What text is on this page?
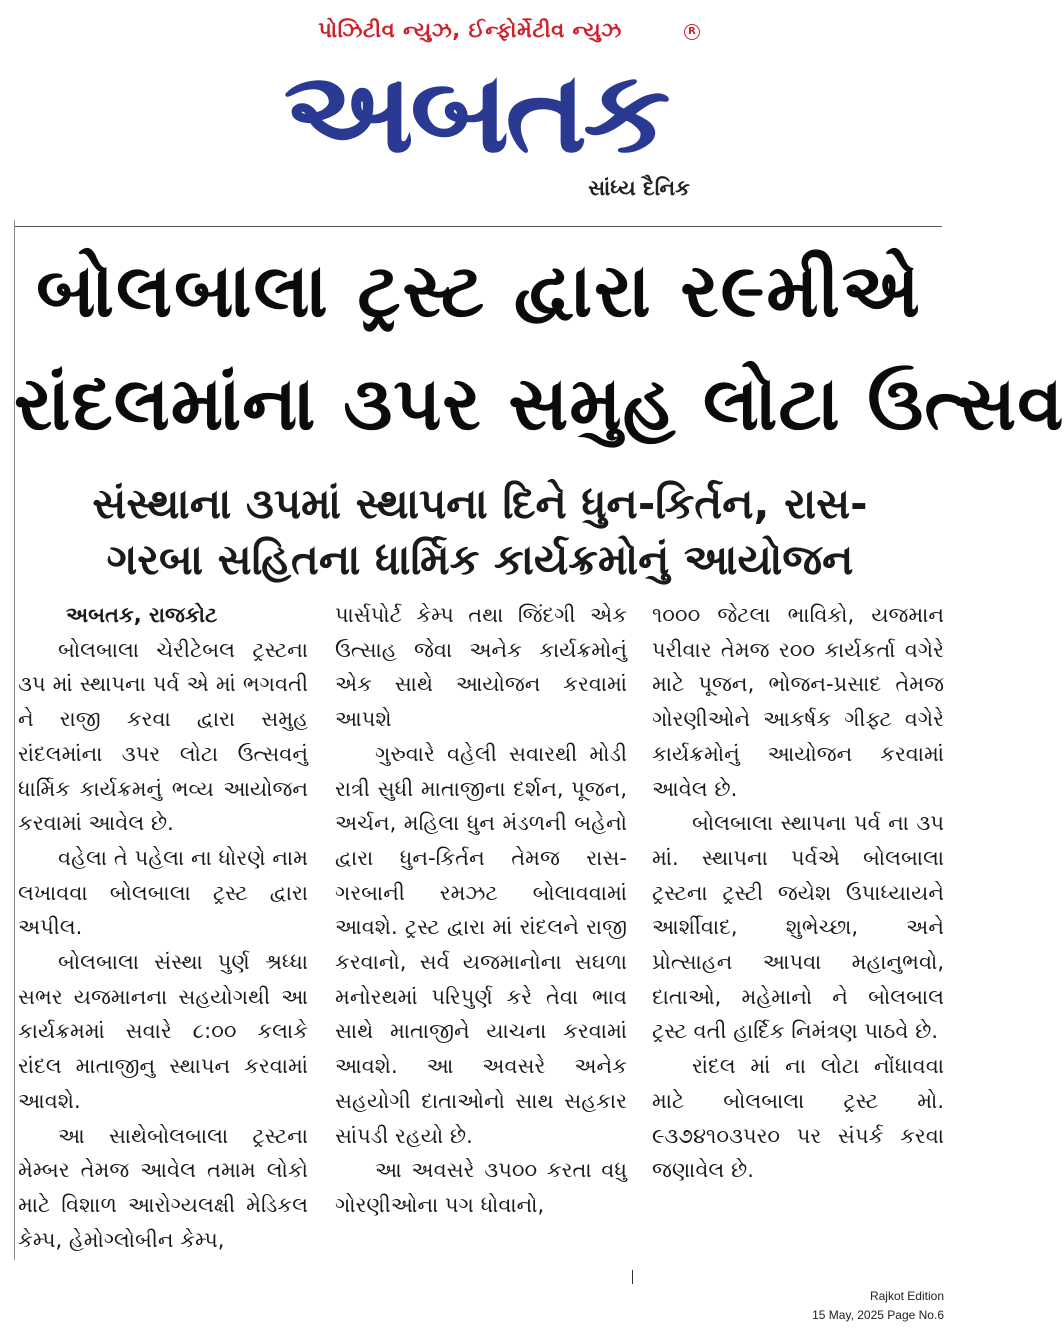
પોઝિટીવ ન્યુઝ, ઈન્ફોર્મેટીવ ન્યુઝ	R
અબતક
સાંધ્ય દૈનિક
બોલબાલા ટ્રસ્ટ દ્વારા ર૯મીએ
રાંદલમાંના ૩પર સમુહ લોટા ઉત્સવ
સંસ્થાના ૩પમાં સ્થાપના દિને ધુન-કિર્તન, રાસ-
ગરબા સહિતના ધાર્મિક કાર્યક્રમોનું આયોજન
અબતક, રાજકોટ

બોલબાલા ચેરીટેબલ ટ્રસ્ટના ૩પ માં સ્થાપના પર્વ એ માં ભગવતી ને રાજી કરવા દ્વારા સમુહ રાંદલમાંના ૩પર લોટા ઉત્સવનું ધાર્મિક કાર્યક્રમનું ભવ્ય આયોજન કરવામાં આવેલ છે.

વહેલા તે પહેલા ના ધોરણે નામ લખાવવા બોલબાલા ટ્રસ્ટ દ્વારા અપીલ.

બોલબાલા સંસ્થા પુર્ણ શ્રધ્ધા સભર યજમાનના સહયોગથી આ કાર્યક્રમમાં સવારે ૮:૦૦ કલાકે રાંદલ માતાજીનુ સ્થાપન કરવામાં આવશે.

આ સાથેબોલબાલા ટ્રસ્ટના મેમ્બર તેમજ આવેલ તમામ લોકો માટે વિશાળ આરોગ્યલક્ષી મેડિકલ કેમ્પ, હેમોગ્લોબીન કેમ્પ,

પાર્સપોર્ટ કેમ્પ તથા જિંદગી એક ઉત્સાહ જેવા અનેક કાર્યક્રમોનું એક સાથે આયોજન કરવામાં આપશે

ગુરુવારે વહેલી સવારથી મોડી રાત્રી સુધી માતાજીના દર્શન, પૂજન, અર્ચન, મહિલા ધુન મંડળની બહેનો દ્વારા ધુન-કિર્તન તેમજ રાસ-ગરબાની રમઝટ બોલાવવામાં આવશે. ટ્રસ્ટ દ્વારા માં રાંદલને રાજી કરવાનો, સર્વ યજમાનોના સઘળા મનોરથમાં પરિપુર્ણ કરે તેવા ભાવ સાથે માતાજીને યાચના કરવામાં આવશે. આ અવસરે અનેક સહયોગી દાતાઓનો સાથ સહકાર સાંપડી રહયો છે.

આ અવસરે ૩પ૦૦ કરતા વધુ ગોરણીઓના પગ ધોવાનો,

૧૦૦૦ જેટલા ભાવિકો, યજમાન પરીવાર તેમજ ર૦૦ કાર્યકર્તા વગેરે માટે પૂજન, ભોજન-પ્રસાદ તેમજ ગોરણીઓને આકર્ષક ગીફ્ટ વગેરે કાર્યક્રમોનું આયોજન કરવામાં આવેલ છે.

બોલબાલા સ્થાપના પર્વ ના ૩પ માં. સ્થાપના પર્વએ બોલબાલા ટ્રસ્ટના ટ્રસ્ટી જયેશ ઉપાધ્યાયને આર્શીવાદ, શુભેચ્છા, અને પ્રોત્સાહન આપવા મહાનુભવો, દાતાઓ, મહેમાનો ને બોલબાલ ટ્રસ્ટ વતી હાર્દિક નિમંત્રણ પાઠવે છે.

રાંદલ માં ના લોટા નોંધાવવા માટે બોલબાલા ટ્રસ્ટ મો. ૯૩૭૪૧૦૩પર૦ પર સંપર્ક કરવા જણાવેલ છે.

Rajkot Edition
15 May, 2025 Page No.6
